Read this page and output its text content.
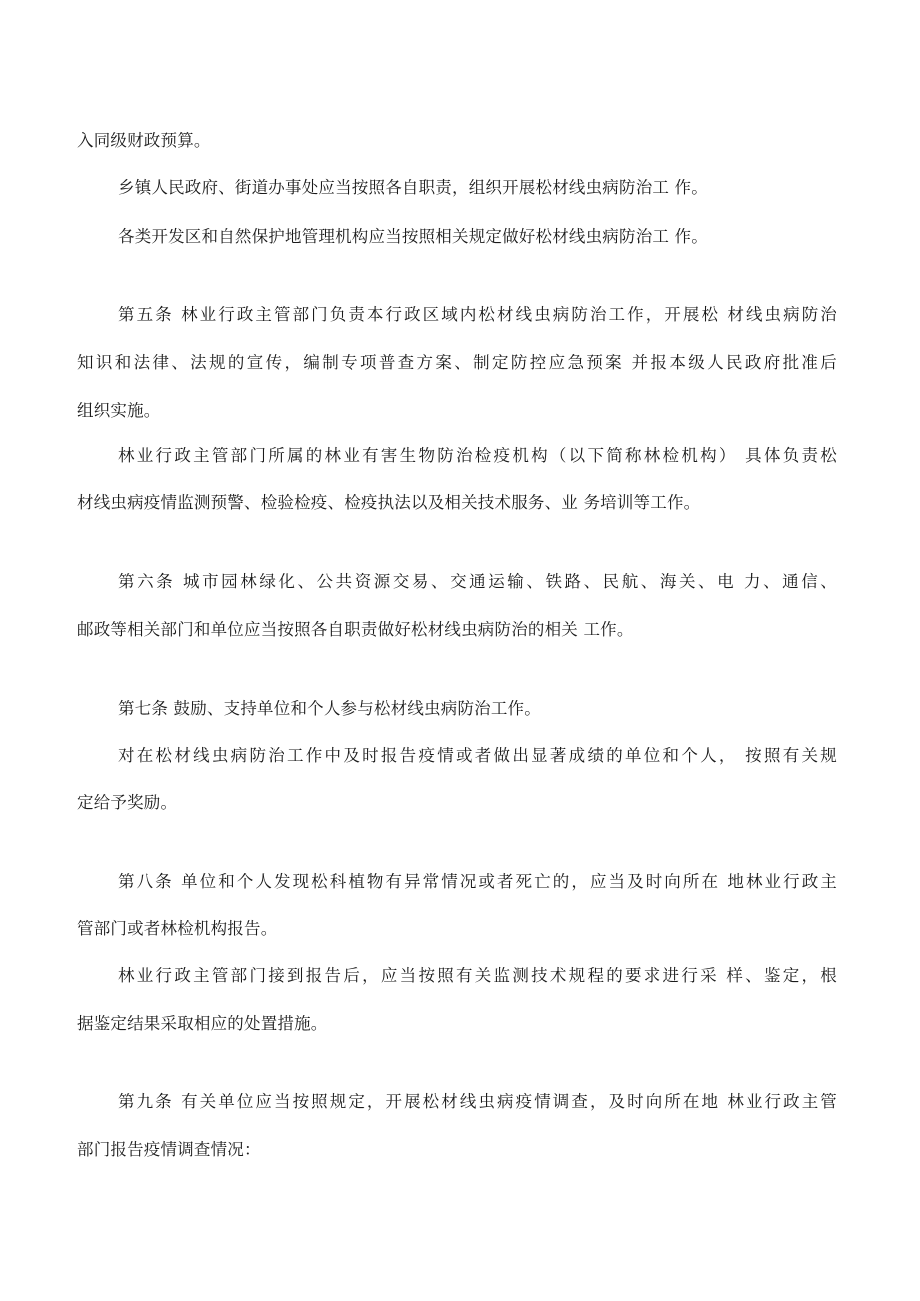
入同级财政预算。
乡镇人民政府、街道办事处应当按照各自职责，组织开展松材线虫病防治工 作。
各类开发区和自然保护地管理机构应当按照相关规定做好松材线虫病防治工 作。
第五条 林业行政主管部门负责本行政区域内松材线虫病防治工作，开展松 材线虫病防治
知识和法律、法规的宣传，编制专项普查方案、制定防控应急预案 并报本级人民政府批准后
组织实施。
林业行政主管部门所属的林业有害生物防治检疫机构（以下简称林检机构） 具体负责松
材线虫病疫情监测预警、检验检疫、检疫执法以及相关技术服务、业 务培训等工作。
第六条 城市园林绿化、公共资源交易、交通运输、铁路、民航、海关、电 力、通信、
邮政等相关部门和单位应当按照各自职责做好松材线虫病防治的相关 工作。
第七条 鼓励、支持单位和个人参与松材线虫病防治工作。
对在松材线虫病防治工作中及时报告疫情或者做出显著成绩的单位和个人， 按照有关规
定给予奖励。
第八条 单位和个人发现松科植物有异常情况或者死亡的，应当及时向所在 地林业行政主
管部门或者林检机构报告。
林业行政主管部门接到报告后，应当按照有关监测技术规程的要求进行采 样、鉴定，根
据鉴定结果采取相应的处置措施。
第九条 有关单位应当按照规定，开展松材线虫病疫情调查，及时向所在地 林业行政主管
部门报告疫情调查情况：
